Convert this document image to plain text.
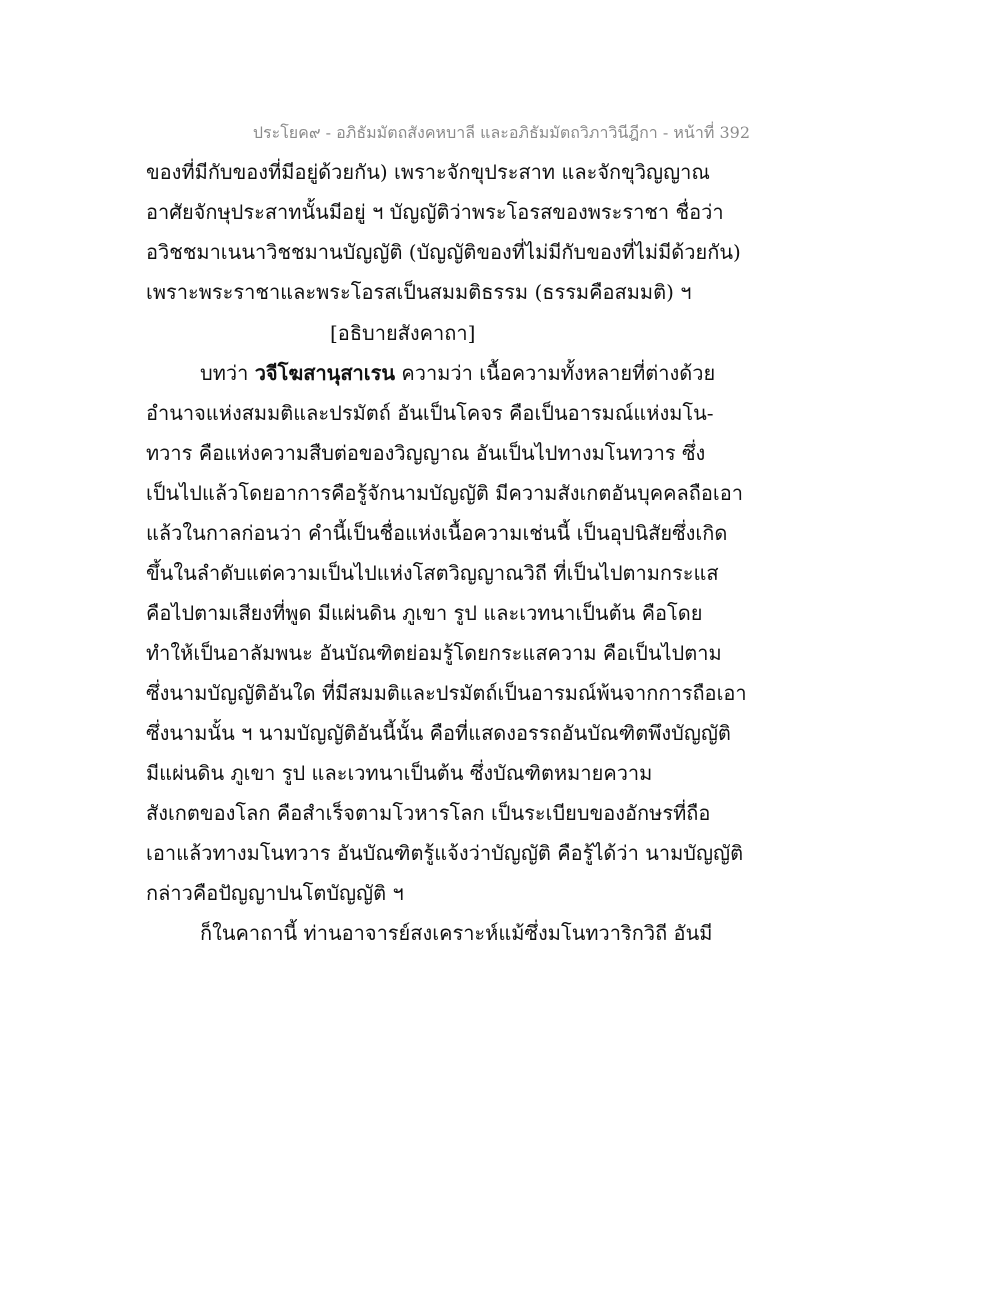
ประโยค๙ - อภิธัมมัตถสังคหบาลี และอภิธัมมัตถวิภาวินีฎีกา - หน้าที่ 392
ของที่มีกับของที่มีอยู่ด้วยกัน) เพราะจักขุประสาท และจักขุวิญญาณ
อาศัยจักษุประสาทนั้นมีอยู่ ฯ บัญญัติว่าพระโอรสของพระราชา ชื่อว่า
อวิชชมาเนนาวิชชมานบัญญัติ (บัญญัติของที่ไม่มีกับของที่ไม่มีด้วยกัน)
เพราะพระราชาและพระโอรสเป็นสมมติธรรม (ธรรมคือสมมติ) ฯ
[อธิบายสังคาถา]
บทว่า วจีโฆสานุสาเรน ความว่า เนื้อความทั้งหลายที่ต่างด้วย
อำนาจแห่งสมมติและปรมัตถ์ อันเป็นโคจร คือเป็นอารมณ์แห่งมโน-
ทวาร คือแห่งความสืบต่อของวิญญาณ อันเป็นไปทางมโนทวาร ซึ่ง
เป็นไปแล้วโดยอาการคือรู้จักนามบัญญัติ มีความสังเกตอันบุคคลถือเอา
แล้วในกาลก่อนว่า คำนี้เป็นชื่อแห่งเนื้อความเช่นนี้ เป็นอุปนิสัยซึ่งเกิด
ขึ้นในลำดับแต่ความเป็นไปแห่งโสตวิญญาณวิถี ที่เป็นไปตามกระแส
คือไปตามเสียงที่พูด มีแผ่นดิน ภูเขา รูป และเวทนาเป็นต้น คือโดย
ทำให้เป็นอาลัมพนะ อันบัณฑิตย่อมรู้โดยกระแสความ คือเป็นไปตาม
ซึ่งนามบัญญัติอันใด ที่มีสมมติและปรมัตถ์เป็นอารมณ์พ้นจากการถือเอา
ซึ่งนามนั้น ฯ นามบัญญัติอันนี้นั้น คือที่แสดงอรรถอันบัณฑิตพึงบัญญัติ
มีแผ่นดิน ภูเขา รูป และเวทนาเป็นต้น ซึ่งบัณฑิตหมายความ
สังเกตของโลก คือสำเร็จตามโวหารโลก เป็นระเบียบของอักษรที่ถือ
เอาแล้วทางมโนทวาร อันบัณฑิตรู้แจ้งว่าบัญญัติ คือรู้ได้ว่า นามบัญญัติ
กล่าวคือปัญญาปนโตบัญญัติ ฯ
ก็ในคาถานี้ ท่านอาจารย์สงเคราะห์แม้ซึ่งมโนทวาริกวิถี อันมี
